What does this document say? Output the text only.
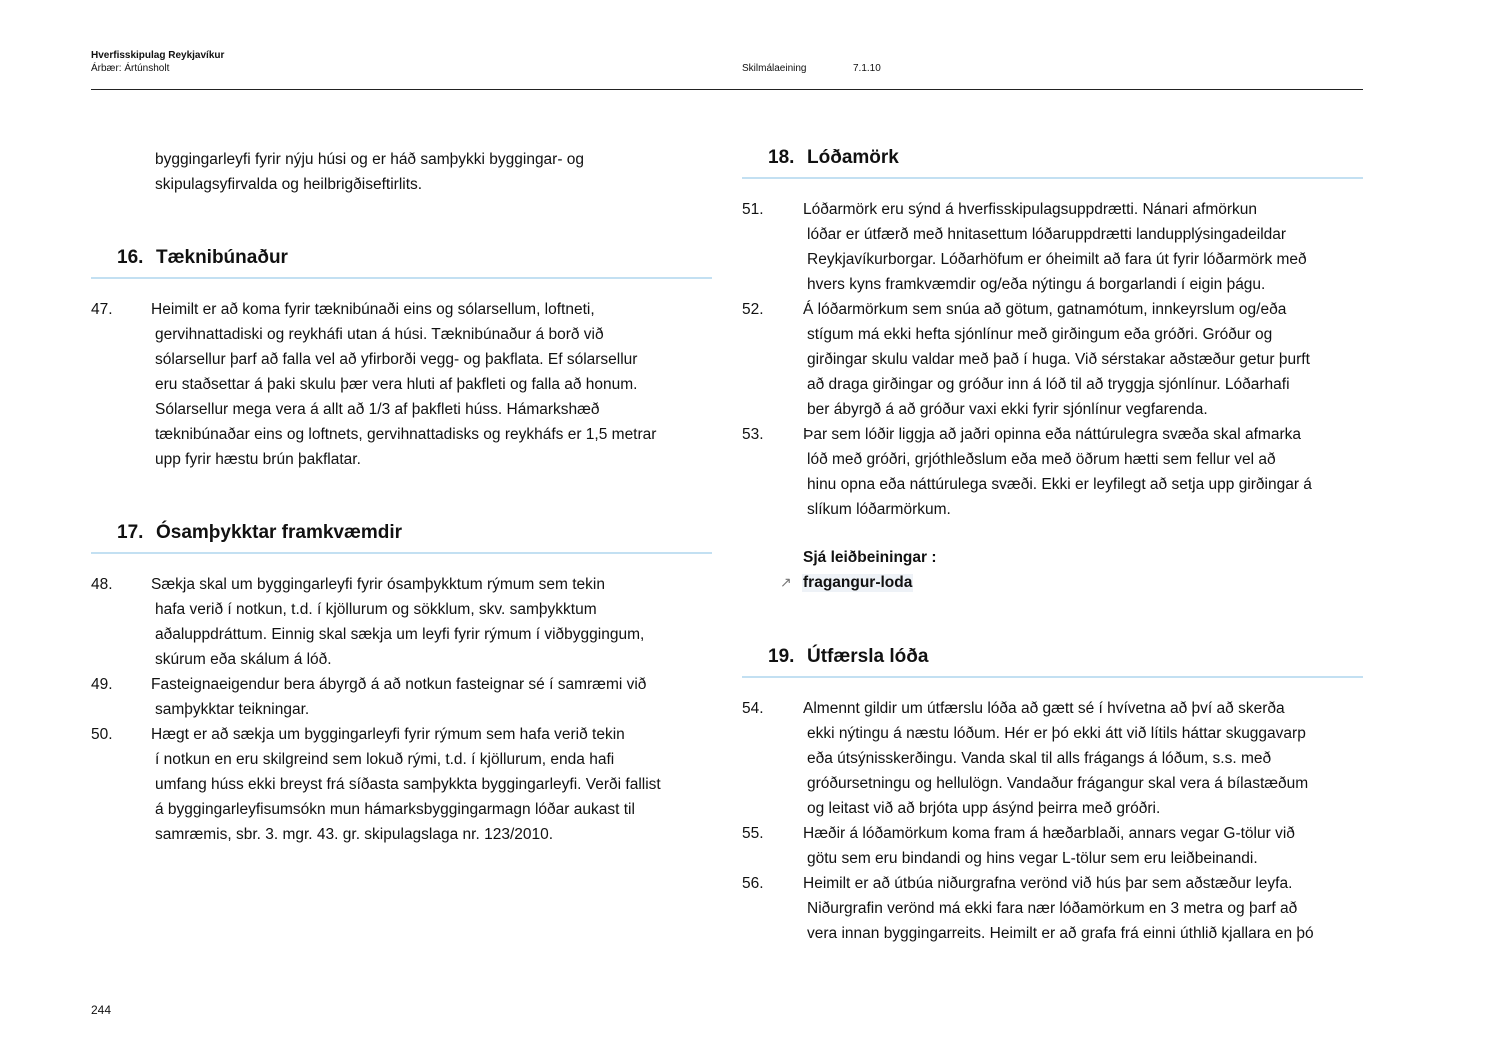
Hverfisskipulag Reykjavíkur
Árbær: Ártúnsholt	Skilmálaeining	7.1.10
byggingarleyfi fyrir nýju húsi og er háð samþykki byggingar- og
skipulagsyfirvalda og heilbrigðiseftirlits.
16. Tæknibúnaður
47. Heimilt er að koma fyrir tæknibúnaði eins og sólarsellum, loftneti,
gervihnattadiski og reykháfi utan á húsi. Tæknibúnaður á borð við
sólarsellur þarf að falla vel að yfirborði vegg- og þakflata. Ef sólarsellur
eru staðsettar á þaki skulu þær vera hluti af þakfleti og falla að honum.
Sólarsellur mega vera á allt að 1/3 af þakfleti húss. Hámarkshæð
tæknibúnaðar eins og loftnets, gervihnattadisks og reykháfs er 1,5 metrar
upp fyrir hæstu brún þakflatar.
17. Ósamþykktar framkvæmdir
48. Sækja skal um byggingarleyfi fyrir ósamþykktum rýmum sem tekin
hafa verið í notkun, t.d. í kjöllurum og sökklum, skv. samþykktum
aðaluppdráttum. Einnig skal sækja um leyfi fyrir rýmum í viðbyggingum,
skúrum eða skálum á lóð.
49. Fasteignaeigendur bera ábyrgð á að notkun fasteignar sé í samræmi við
samþykktar teikningar.
50. Hægt er að sækja um byggingarleyfi fyrir rýmum sem hafa verið tekin
í notkun en eru skilgreind sem lokuð rými, t.d. í kjöllurum, enda hafi
umfang húss ekki breyst frá síðasta samþykkta byggingarleyfi. Verði fallist
á byggingarleyfisumsókn mun hámarksbyggingarmagn lóðar aukast til
samræmis, sbr. 3. mgr. 43. gr. skipulagslaga nr. 123/2010.
18. Lóðamörk
51.	Lóðarmörk eru sýnd á hverfisskipulagsuppdrætti. Nánari afmörkun
lóðar er útfærð með hnitasettum lóðaruppdrætti landupplýsingadeildar
Reykjavíkurborgar. Lóðarhöfum er óheimilt að fara út fyrir lóðarmörk með
hvers kyns framkvæmdir og/eða nýtingu á borgarlandi í eigin þágu.
52.	Á lóðarmörkum sem snúa að götum, gatnamótum, innkeyrslum og/eða
stígum má ekki hefta sjónlínur með girðingum eða gróðri. Gróður og
girðingar skulu valdar með það í huga. Við sérstakar aðstæður getur þurft
að draga girðingar og gróður inn á lóð til að tryggja sjónlínur. Lóðarhafi
ber ábyrgð á að gróður vaxi ekki fyrir sjónlínur vegfarenda.
53.	Þar sem lóðir liggja að jaðri opinna eða náttúrulegra svæða skal afmarka
lóð með gróðri, grjóthleðslum eða með öðrum hætti sem fellur vel að
hinu opna eða náttúrulega svæði. Ekki er leyfilegt að setja upp girðingar á
slíkum lóðarmörkum.
Sjá leiðbeiningar :
↗ fragangur-loda
19. Útfærsla lóða
54.	Almennt gildir um útfærslu lóða að gætt sé í hvívetna að því að skerða
ekki nýtingu á næstu lóðum. Hér er þó ekki átt við lítils háttar skuggavarp
eða útsýnisskerðingu. Vanda skal til alls frágangs á lóðum, s.s. með
gróðursetningu og hellulögn. Vandaður frágangur skal vera á bílastæðum
og leitast við að brjóta upp ásýnd þeirra með gróðri.
55.	Hæðir á lóðamörkum koma fram á hæðarblaði, annars vegar G-tölur við
götu sem eru bindandi og hins vegar L-tölur sem eru leiðbeinandi.
56.	Heimilt er að útbúa niðurgrafna verönd við hús þar sem aðstæður leyfa.
Niðurgrafin verönd má ekki fara nær lóðamörkum en 3 metra og þarf að
vera innan byggingarreits. Heimilt er að grafa frá einni úthlið kjallara en þó
244
